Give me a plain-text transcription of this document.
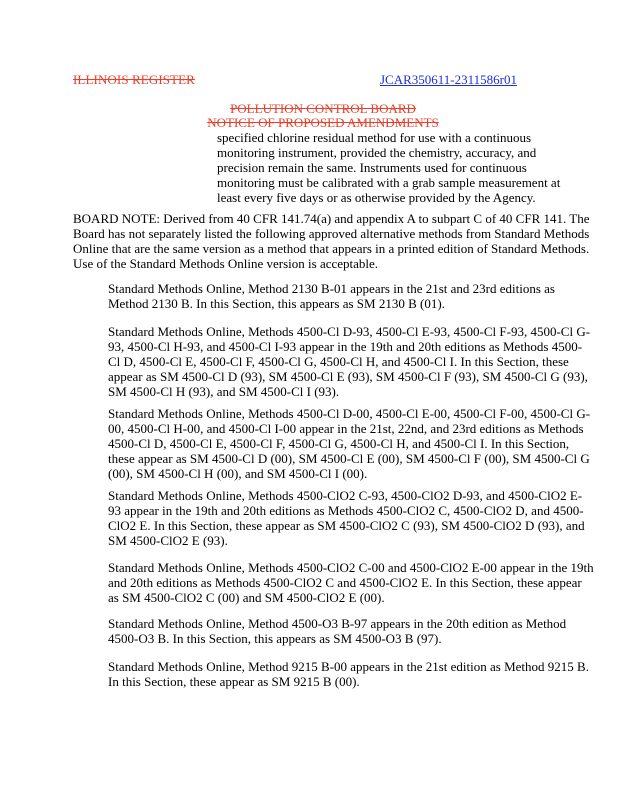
ILLINOIS REGISTER	JCAR350611-2311586r01
POLLUTION CONTROL BOARD
NOTICE OF PROPOSED AMENDMENTS
specified chlorine residual method for use with a continuous monitoring instrument, provided the chemistry, accuracy, and precision remain the same. Instruments used for continuous monitoring must be calibrated with a grab sample measurement at least every five days or as otherwise provided by the Agency.
BOARD NOTE: Derived from 40 CFR 141.74(a) and appendix A to subpart C of 40 CFR 141. The Board has not separately listed the following approved alternative methods from Standard Methods Online that are the same version as a method that appears in a printed edition of Standard Methods. Use of the Standard Methods Online version is acceptable.
Standard Methods Online, Method 2130 B-01 appears in the 21st and 23rd editions as Method 2130 B. In this Section, this appears as SM 2130 B (01).
Standard Methods Online, Methods 4500-Cl D-93, 4500-Cl E-93, 4500-Cl F-93, 4500-Cl G-93, 4500-Cl H-93, and 4500-Cl I-93 appear in the 19th and 20th editions as Methods 4500-Cl D, 4500-Cl E, 4500-Cl F, 4500-Cl G, 4500-Cl H, and 4500-Cl I. In this Section, these appear as SM 4500-Cl D (93), SM 4500-Cl E (93), SM 4500-Cl F (93), SM 4500-Cl G (93), SM 4500-Cl H (93), and SM 4500-Cl I (93).
Standard Methods Online, Methods 4500-Cl D-00, 4500-Cl E-00, 4500-Cl F-00, 4500-Cl G-00, 4500-Cl H-00, and 4500-Cl I-00 appear in the 21st, 22nd, and 23rd editions as Methods 4500-Cl D, 4500-Cl E, 4500-Cl F, 4500-Cl G, 4500-Cl H, and 4500-Cl I. In this Section, these appear as SM 4500-Cl D (00), SM 4500-Cl E (00), SM 4500-Cl F (00), SM 4500-Cl G (00), SM 4500-Cl H (00), and SM 4500-Cl I (00).
Standard Methods Online, Methods 4500-ClO2 C-93, 4500-ClO2 D-93, and 4500-ClO2 E-93 appear in the 19th and 20th editions as Methods 4500-ClO2 C, 4500-ClO2 D, and 4500-ClO2 E. In this Section, these appear as SM 4500-ClO2 C (93), SM 4500-ClO2 D (93), and SM 4500-ClO2 E (93).
Standard Methods Online, Methods 4500-ClO2 C-00 and 4500-ClO2 E-00 appear in the 19th and 20th editions as Methods 4500-ClO2 C and 4500-ClO2 E. In this Section, these appear as SM 4500-ClO2 C (00) and SM 4500-ClO2 E (00).
Standard Methods Online, Method 4500-O3 B-97 appears in the 20th edition as Method 4500-O3 B. In this Section, this appears as SM 4500-O3 B (97).
Standard Methods Online, Method 9215 B-00 appears in the 21st edition as Method 9215 B. In this Section, these appear as SM 9215 B (00).
